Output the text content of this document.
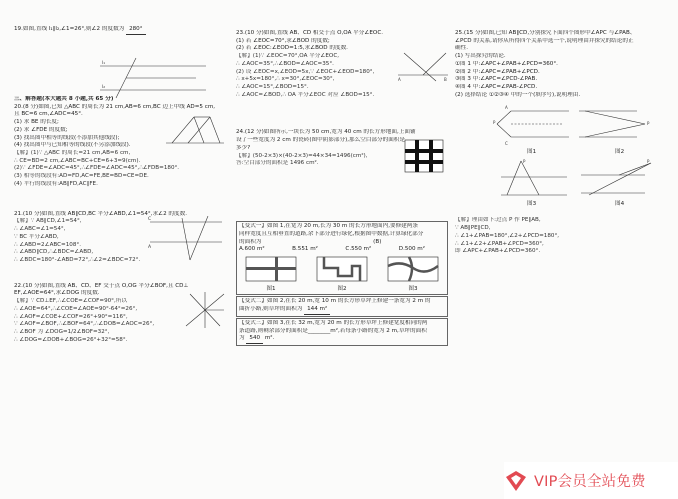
19.如图,直线 l₁∥l₂,∠1=26°,则∠2 的度数为 280°
l₁
l₂
三、解答题(本大题共 8 小题,共 65 分)
20.(8 分)如图,已知 △ABC 的周长为 21 cm,AB=6 cm,BC 边上中线 AD=5 cm,
且 BC=6 cm,∠ADC=45°.
(1) 求 BE 的长度;
(2) 求 ∠FDE 的度数;
(3) 找出图中相等的线段(不添加其他线段);
(4) 找出图中与已知相等的线段(不另添加线段).
【解】(1)∵ △ABC 的周长=21 cm,AB=6 cm,
∴ CE=BD=2 cm,∠ABC=BC+CE=6+3=9(cm).
(2)∵ ∠FDE=∠ADC=45°,∴∠FDE=∠ADC=45°,∴∠FDB=180°.
(3) 相等的线段有:AD=FD,AC=FE,BE=BD=CE=DE.
(4) 平行的线段有:AB∥FD,AC∥FE.
21.(10 分)如图,直线 AB∥CD,BC 平分∠ABD,∠1=54°,求∠2 的度数.
【解】∵ AB∥CD,∠1=54°,
∴ ∠ABC=∠1=54°,
∵ BC 平分∠ABD,
∴ ∠ABD=2∠ABC=108°.
∴ ∠ABD∥CD,∴∠BDC=∠ABD,
∴ ∠BDC=180°-∠ABD=72°,∴∠2=∠BDC=72°.
C
A
22.(10 分)如图,直线 AB、CD、EF 交于点 O,OG 平分∠BOF,且 CD⊥
EF,∠AOE=64°,求∠DOG 的度数.
【解】∵ CD⊥EF,∴∠COE=∠COF=90°,所以
∴ ∠AOE=64°,∴∠COE=∠AOE=90°-64°=26°,
∴ ∠AOF=∠COE+∠COF=26°+90°=116°,
∵ ∠AOF=∠BOF,∴∠BOF=64°,∴∠DOB=∠AOC=26°,
∴ ∠BOF 为 ∠DOG=1/2∠BOF=32°,
∴ ∠DOG=∠DOB+∠BOG=26°+32°=58°.
23.(10 分)如图,直线 AB、CD 相交于点 O,OA 平分∠EOC.
(1) 若 ∠EOC=70°,求∠BOD 的度数;
(2) 若 ∠EOC:∠EOD=1:5,求∠BOD 的度数.
【解】(1)∵ ∠EOC=70°,OA 平分∠EOC,
∴ ∠AOC=35°,∴∠BOD=∠AOC=35°.
(2) 设 ∠EOC=x,∠EOD=5x,∵ ∠EOC+∠EOD=180°,
∴ x+5x=180°,∴ x=30°,∠EOC=30°,
∴ ∠AOC=15°,∠BOD=15°.
∴ ∠AOC=∠BOD,∴ OA 平分∠EOC 对应 ∠BOD=15°.
A	B
24.(12 分)如图所示,一块长为 50 cm,宽为 40 cm 的长方形地面,上面铺
设了一些宽度为 2 cm 的瓷砖(图中阴影部分),那么空白部分的面积是
多少?
【解】(50-2×3)×(40-2×3)=44×34=1496(cm²),
答:空白部分的面积是 1496 cm².
【变式一】如图 1,在宽为 20 m,长为 30 m 的长方形地面内,要修建两条
同样宽度且互相垂直的道路,余下部分进行绿化,根据图中数据,计算绿化部分
的面积为	(B)
A.600 m²	B.551 m²	C.550 m²	D.500 m²
图1	图2	图3
【变式二】如图 2,在长 20 m,宽 10 m 的长方形草坪上修建一条宽为 2 m 的
曲折小路,则草坪的面积为 144 m²
【变式三】如图 3,在长 32 m,宽为 20 m 的长方形草坪上修建宽度相同的两
条道路,则剩余部分的面积是________m²,若每条小路的宽为 2 m,草坪的面积
为 540 m².
25.(15 分)如图,已知 AB∥CD,分别探究下面四个图形中∠APC 与∠PAB、
∠PCD 的关系,请你从所得四个关系中选一个,说明理由并探究的结论的正
确性.
(1) 写出探究的结论.
①图 1 中:∠APC+∠PAB+∠PCD=360°.
②图 2 中:∠APC=∠PAB+∠PCD.
③图 3 中:∠APC=∠PCD-∠PAB.
④图 4 中:∠APC=∠PAB-∠PCD.
(2) 选择结论 ①②③④ 中的一个(填序号),说明理由.
A
C
P
图1
P
图2
P
图3
P
图4
【解】理由如下:过点 P 作 PE∥AB,
∵ AB∥PE∥CD,
∴ ∠1+∠PAB=180°,∠2+∠PCD=180°,
∴ ∠1+∠2+∠PAB+∠PCD=360°,
即 ∠APC+∠PAB+∠PCD=360°.
VIP会员全站免费
